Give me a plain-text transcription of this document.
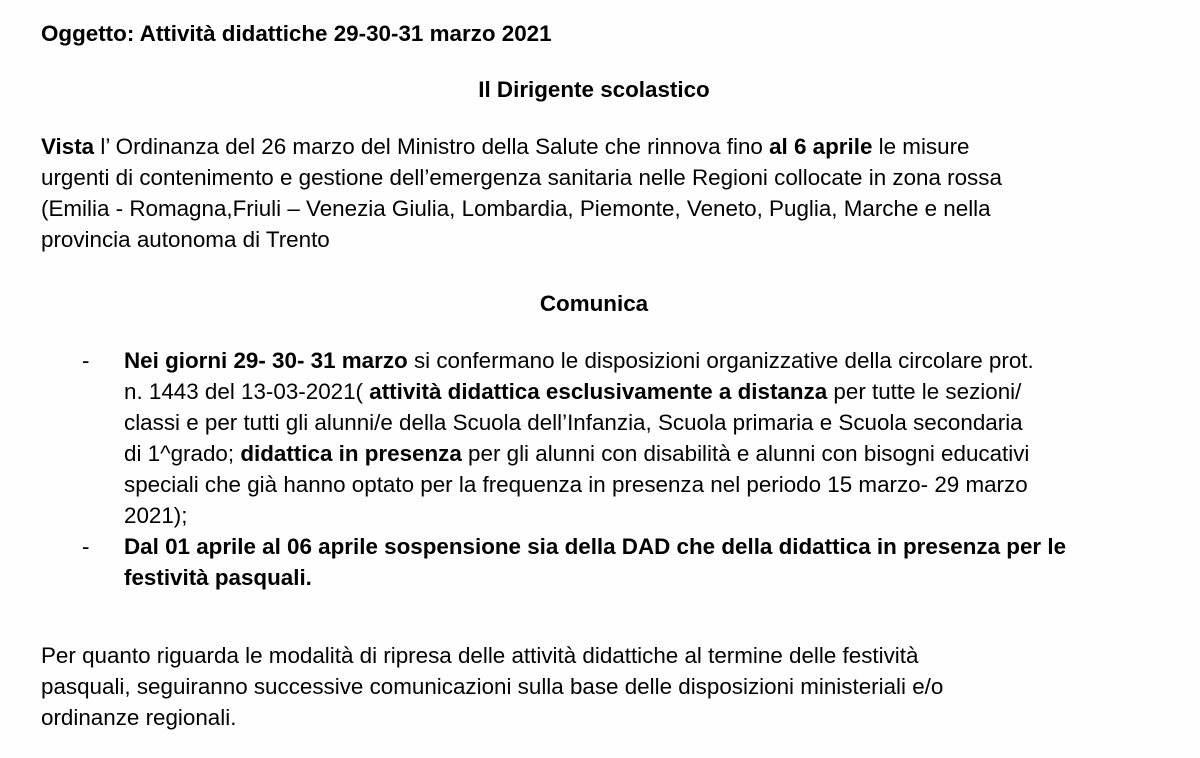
Oggetto: Attività didattiche 29-30-31 marzo 2021
Il Dirigente scolastico
Vista l’ Ordinanza del 26 marzo del Ministro della Salute che rinnova fino al 6 aprile le misure
urgenti di contenimento e gestione dell’emergenza sanitaria nelle Regioni collocate in zona rossa
(Emilia - Romagna,Friuli – Venezia Giulia, Lombardia, Piemonte, Veneto, Puglia, Marche e nella
provincia autonoma di Trento
Comunica
- Nei giorni 29- 30- 31 marzo si confermano le disposizioni organizzative della circolare prot.
n. 1443 del 13-03-2021( attività didattica esclusivamente a distanza per tutte le sezioni/
classi e per tutti gli alunni/e della Scuola dell’Infanzia, Scuola primaria e Scuola secondaria
di 1^grado; didattica in presenza per gli alunni con disabilità e alunni con bisogni educativi
speciali che già hanno optato per la frequenza in presenza nel periodo 15 marzo- 29 marzo
2021);
- Dal 01 aprile al 06 aprile sospensione sia della DAD che della didattica in presenza per le
festività pasquali.
Per quanto riguarda le modalità di ripresa delle attività didattiche al termine delle festività
pasquali, seguiranno successive comunicazioni sulla base delle disposizioni ministeriali e/o
ordinanze regionali.
